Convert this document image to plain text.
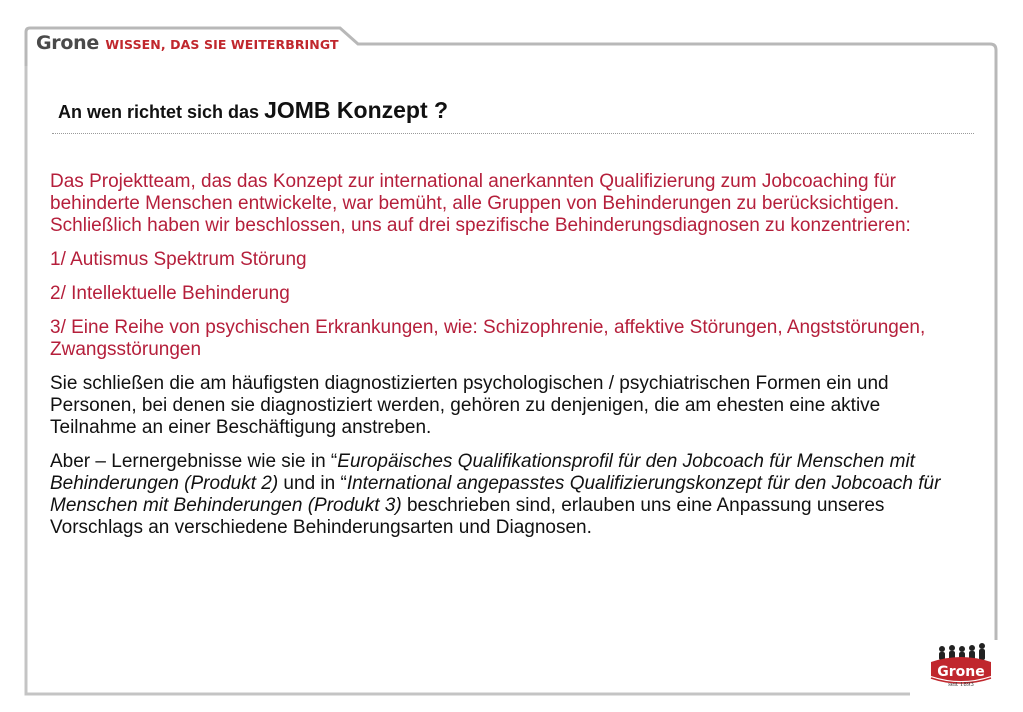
Grone WISSEN, DAS SIE WEITERBRINGT
An wen richtet sich das JOMB Konzept ?

Das Projektteam, das das Konzept zur international anerkannten Qualifizierung zum Jobcoaching für behinderte Menschen entwickelte, war bemüht, alle Gruppen von Behinderungen zu berücksichtigen. Schließlich haben wir beschlossen, uns auf drei spezifische Behinderungsdiagnosen zu konzentrieren:

1/ Autismus Spektrum Störung

2/ Intellektuelle Behinderung

3/ Eine Reihe von psychischen Erkrankungen, wie: Schizophrenie, affektive Störungen, Angststörungen, Zwangsstörungen

Sie schließen die am häufigsten diagnostizierten psychologischen / psychiatrischen Formen ein und Personen, bei denen sie diagnostiziert werden, gehören zu denjenigen, die am ehesten eine aktive Teilnahme an einer Beschäftigung anstreben.

Aber – Lernergebnisse wie sie in “Europäisches Qualifikationsprofil für den Jobcoach für Menschen mit Behinderungen (Produkt 2) und in “International angepasstes Qualifizierungskonzept für den Jobcoach für Menschen mit Behinderungen (Produkt 3) beschrieben sind, erlauben uns eine Anpassung unseres Vorschlags an verschiedene Behinderungsarten und Diagnosen.

Grone
seit 1893
